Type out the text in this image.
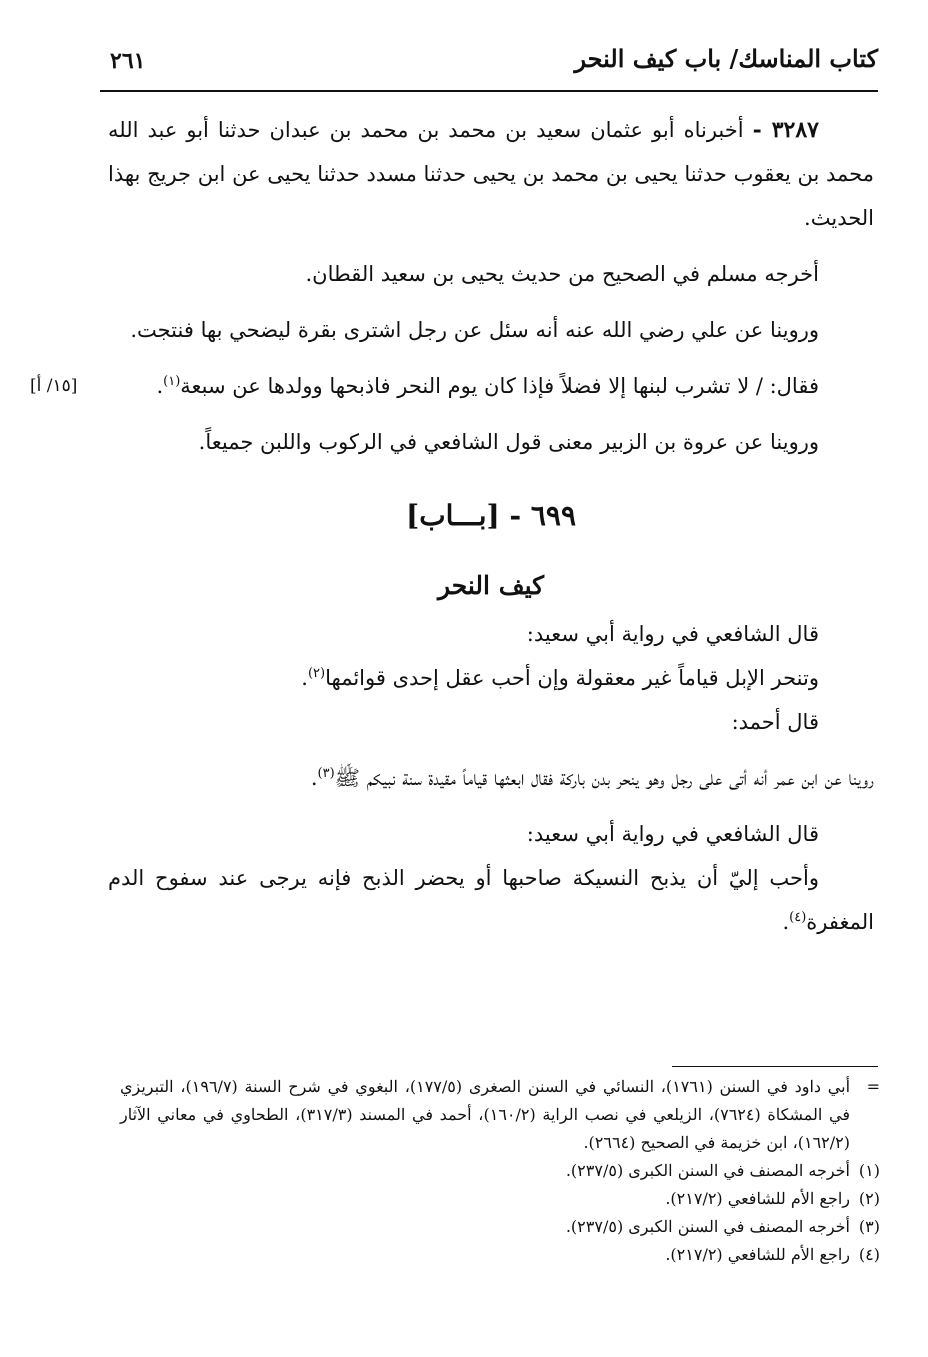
كتاب المناسك/ باب كيف النحر
٢٦١

٣٢٨٧ - أخبرناه أبو عثمان سعيد بن محمد بن محمد بن عبدان حدثنا أبو عبد الله محمد بن يعقوب حدثنا يحيى بن محمد بن يحيى حدثنا مسدد حدثنا يحيى عن ابن جريج بهذا الحديث.

أخرجه مسلم في الصحيح من حديث يحيى بن سعيد القطان.

وروينا عن علي رضي الله عنه أنه سئل عن رجل اشترى بقرة ليضحي بها فنتجت.

[١٥/ أ]	فقال: / لا تشرب لبنها إلا فضلاً فإذا كان يوم النحر فاذبحها وولدها عن سبعة$^{(١)}$.

وروينا عن عروة بن الزبير معنى قول الشافعي في الركوب واللبن جميعاً.

٦٩٩ - [بـــاب]

كيف النحر

قال الشافعي في رواية أبي سعيد:

وتنحر الإبل قياماً غير معقولة وإن أحب عقل إحدى قوائمها$^{(٢)}$.

قال أحمد:

روينا عن ابن عمر أنه أتى على رجل وهو ينحر بدن باركة فقال ابعثها قياماً مقيدة سنة نبيكم ﷺ$^{(٣)}$.

قال الشافعي في رواية أبي سعيد:

وأحب إليّ أن يذبح النسيكة صاحبها أو يحضر الذبح فإنه يرجى عند سفوح الدم المغفرة$^{(٤)}$.

=
أبي داود في السنن (١٧٦١)، النسائي في السنن الصغرى (١٧٧/٥)، البغوي في شرح السنة (١٩٦/٧)، التبريزي في المشكاة (٧٦٢٤)، الزيلعي في نصب الراية (١٦٠/٢)، أحمد في المسند (٣١٧/٣)، الطحاوي في معاني الآثار (١٦٢/٢)، ابن خزيمة في الصحيح (٢٦٦٤).

(١)
أخرجه المصنف في السنن الكبرى (٢٣٧/٥).

(٢)
راجع الأم للشافعي (٢١٧/٢).

(٣)
أخرجه المصنف في السنن الكبرى (٢٣٧/٥).

(٤)
راجع الأم للشافعي (٢١٧/٢).
